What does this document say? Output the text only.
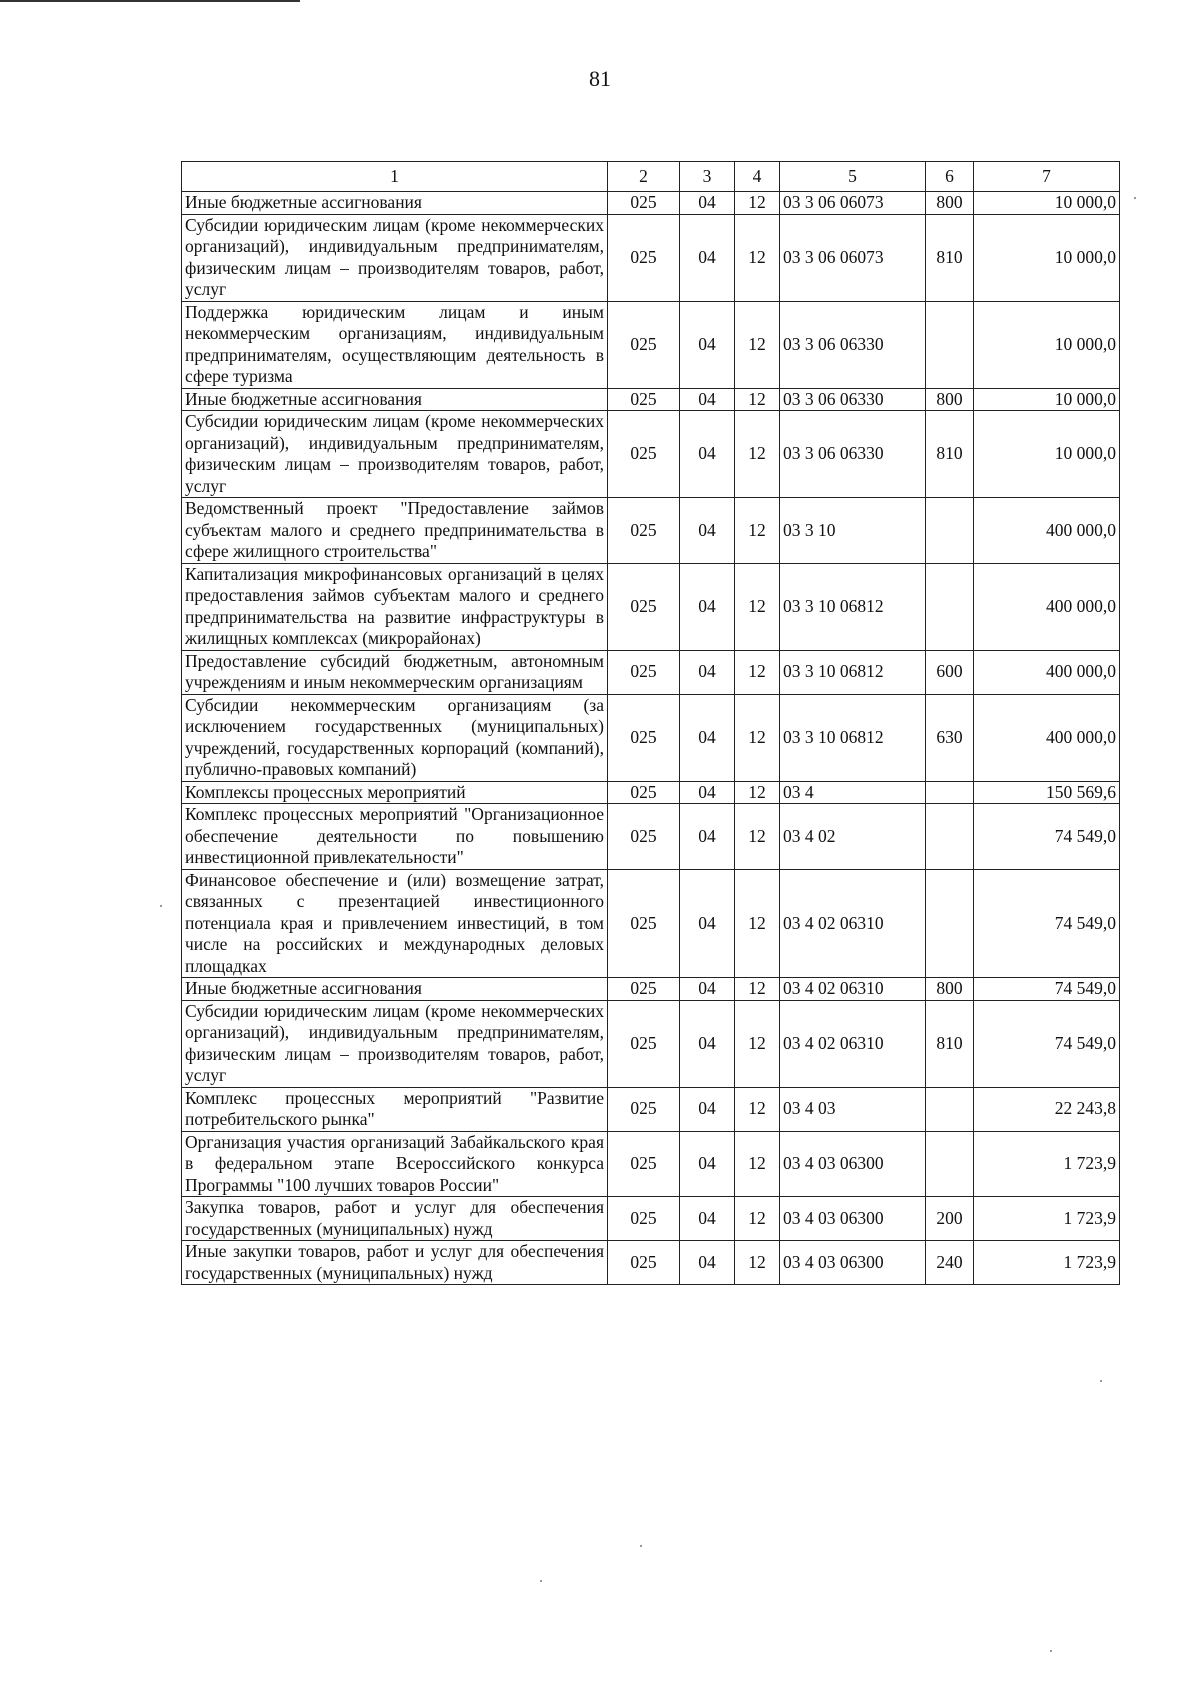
81
1	2	3	4	5	6	7
Иные бюджетные ассигнования	025	04	12	03 3 06 06073	800	10 000,0
Субсидии юридическим лицам (кроме некоммерческих организаций), индивидуальным предпринимателям, физическим лицам – производителям товаров, работ, услуг	025	04	12	03 3 06 06073	810	10 000,0
Поддержка юридическим лицам и иным некоммерческим организациям, индивидуальным предпринимателям, осуществляющим деятельность в сфере туризма	025	04	12	03 3 06 06330		10 000,0
Иные бюджетные ассигнования	025	04	12	03 3 06 06330	800	10 000,0
Субсидии юридическим лицам (кроме некоммерческих организаций), индивидуальным предпринимателям, физическим лицам – производителям товаров, работ, услуг	025	04	12	03 3 06 06330	810	10 000,0
Ведомственный проект "Предоставление займов субъектам малого и среднего предпринимательства в сфере жилищного строительства"	025	04	12	03 3 10		400 000,0
Капитализация микрофинансовых организаций в целях предоставления займов субъектам малого и среднего предпринимательства на развитие инфраструктуры в жилищных комплексах (микрорайонах)	025	04	12	03 3 10 06812		400 000,0
Предоставление субсидий бюджетным, автономным учреждениям и иным некоммерческим организациям	025	04	12	03 3 10 06812	600	400 000,0
Субсидии некоммерческим организациям (за исключением государственных (муниципальных) учреждений, государственных корпораций (компаний), публично-правовых компаний)	025	04	12	03 3 10 06812	630	400 000,0
Комплексы процессных мероприятий	025	04	12	03 4		150 569,6
Комплекс процессных мероприятий "Организационное обеспечение деятельности по повышению инвестиционной привлекательности"	025	04	12	03 4 02		74 549,0
Финансовое обеспечение и (или) возмещение затрат, связанных с презентацией инвестиционного потенциала края и привлечением инвестиций, в том числе на российских и международных деловых площадках	025	04	12	03 4 02 06310		74 549,0
Иные бюджетные ассигнования	025	04	12	03 4 02 06310	800	74 549,0
Субсидии юридическим лицам (кроме некоммерческих организаций), индивидуальным предпринимателям, физическим лицам – производителям товаров, работ, услуг	025	04	12	03 4 02 06310	810	74 549,0
Комплекс процессных мероприятий "Развитие потребительского рынка"	025	04	12	03 4 03		22 243,8
Организация участия организаций Забайкальского края в федеральном этапе Всероссийского конкурса Программы "100 лучших товаров России"	025	04	12	03 4 03 06300		1 723,9
Закупка товаров, работ и услуг для обеспечения государственных (муниципальных) нужд	025	04	12	03 4 03 06300	200	1 723,9
Иные закупки товаров, работ и услуг для обеспечения государственных (муниципальных) нужд	025	04	12	03 4 03 06300	240	1 723,9
